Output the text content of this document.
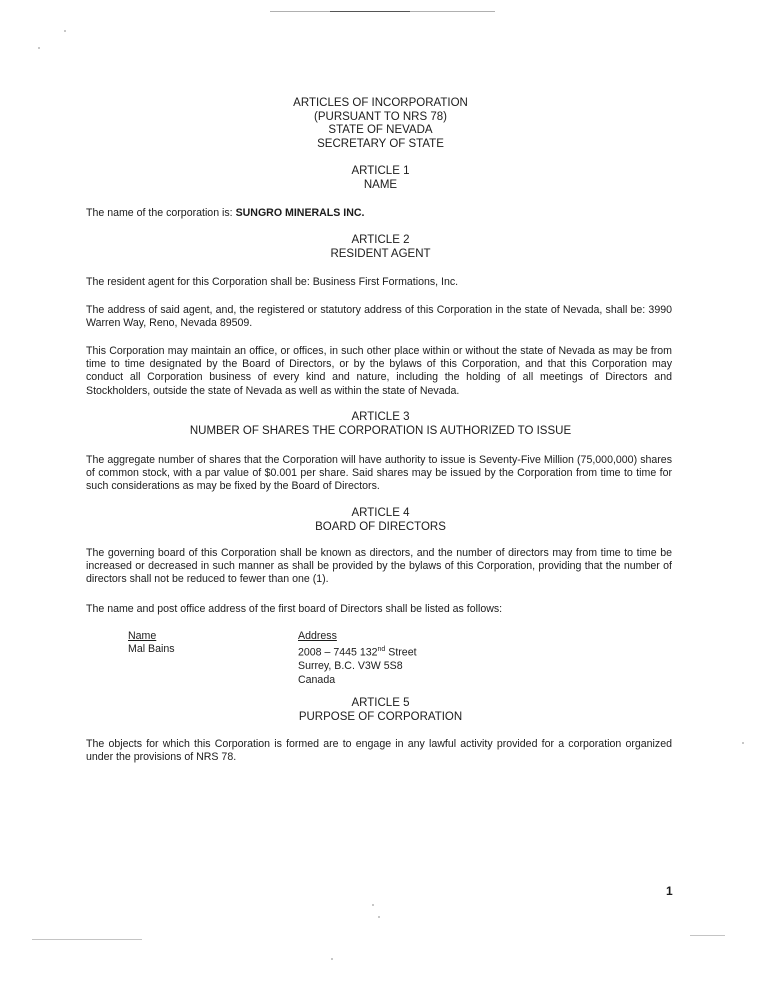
ARTICLES OF INCORPORATION
(PURSUANT TO NRS 78)
STATE OF NEVADA
SECRETARY OF STATE
ARTICLE 1
NAME

The name of the corporation is: SUNGRO MINERALS INC.

ARTICLE 2
RESIDENT AGENT

The resident agent for this Corporation shall be: Business First Formations, Inc.

The address of said agent, and, the registered or statutory address of this Corporation in the state of Nevada, shall be: 3990 Warren Way, Reno, Nevada 89509.

This Corporation may maintain an office, or offices, in such other place within or without the state of Nevada as may be from time to time designated by the Board of Directors, or by the bylaws of this Corporation, and that this Corporation may conduct all Corporation business of every kind and nature, including the holding of all meetings of Directors and Stockholders, outside the state of Nevada as well as within the state of Nevada.

ARTICLE 3
NUMBER OF SHARES THE CORPORATION IS AUTHORIZED TO ISSUE

The aggregate number of shares that the Corporation will have authority to issue is Seventy-Five Million (75,000,000) shares of common stock, with a par value of $0.001 per share. Said shares may be issued by the Corporation from time to time for such considerations as may be fixed by the Board of Directors.

ARTICLE 4
BOARD OF DIRECTORS

The governing board of this Corporation shall be known as directors, and the number of directors may from time to time be increased or decreased in such manner as shall be provided by the bylaws of this Corporation, providing that the number of directors shall not be reduced to fewer than one (1).

The name and post office address of the first board of Directors shall be listed as follows:

Name
Mal Bains
Address
2008 – 7445 132nd Street
Surrey, B.C. V3W 5S8
Canada
ARTICLE 5
PURPOSE OF CORPORATION

The objects for which this Corporation is formed are to engage in any lawful activity provided for a corporation organized under the provisions of NRS 78.

1
